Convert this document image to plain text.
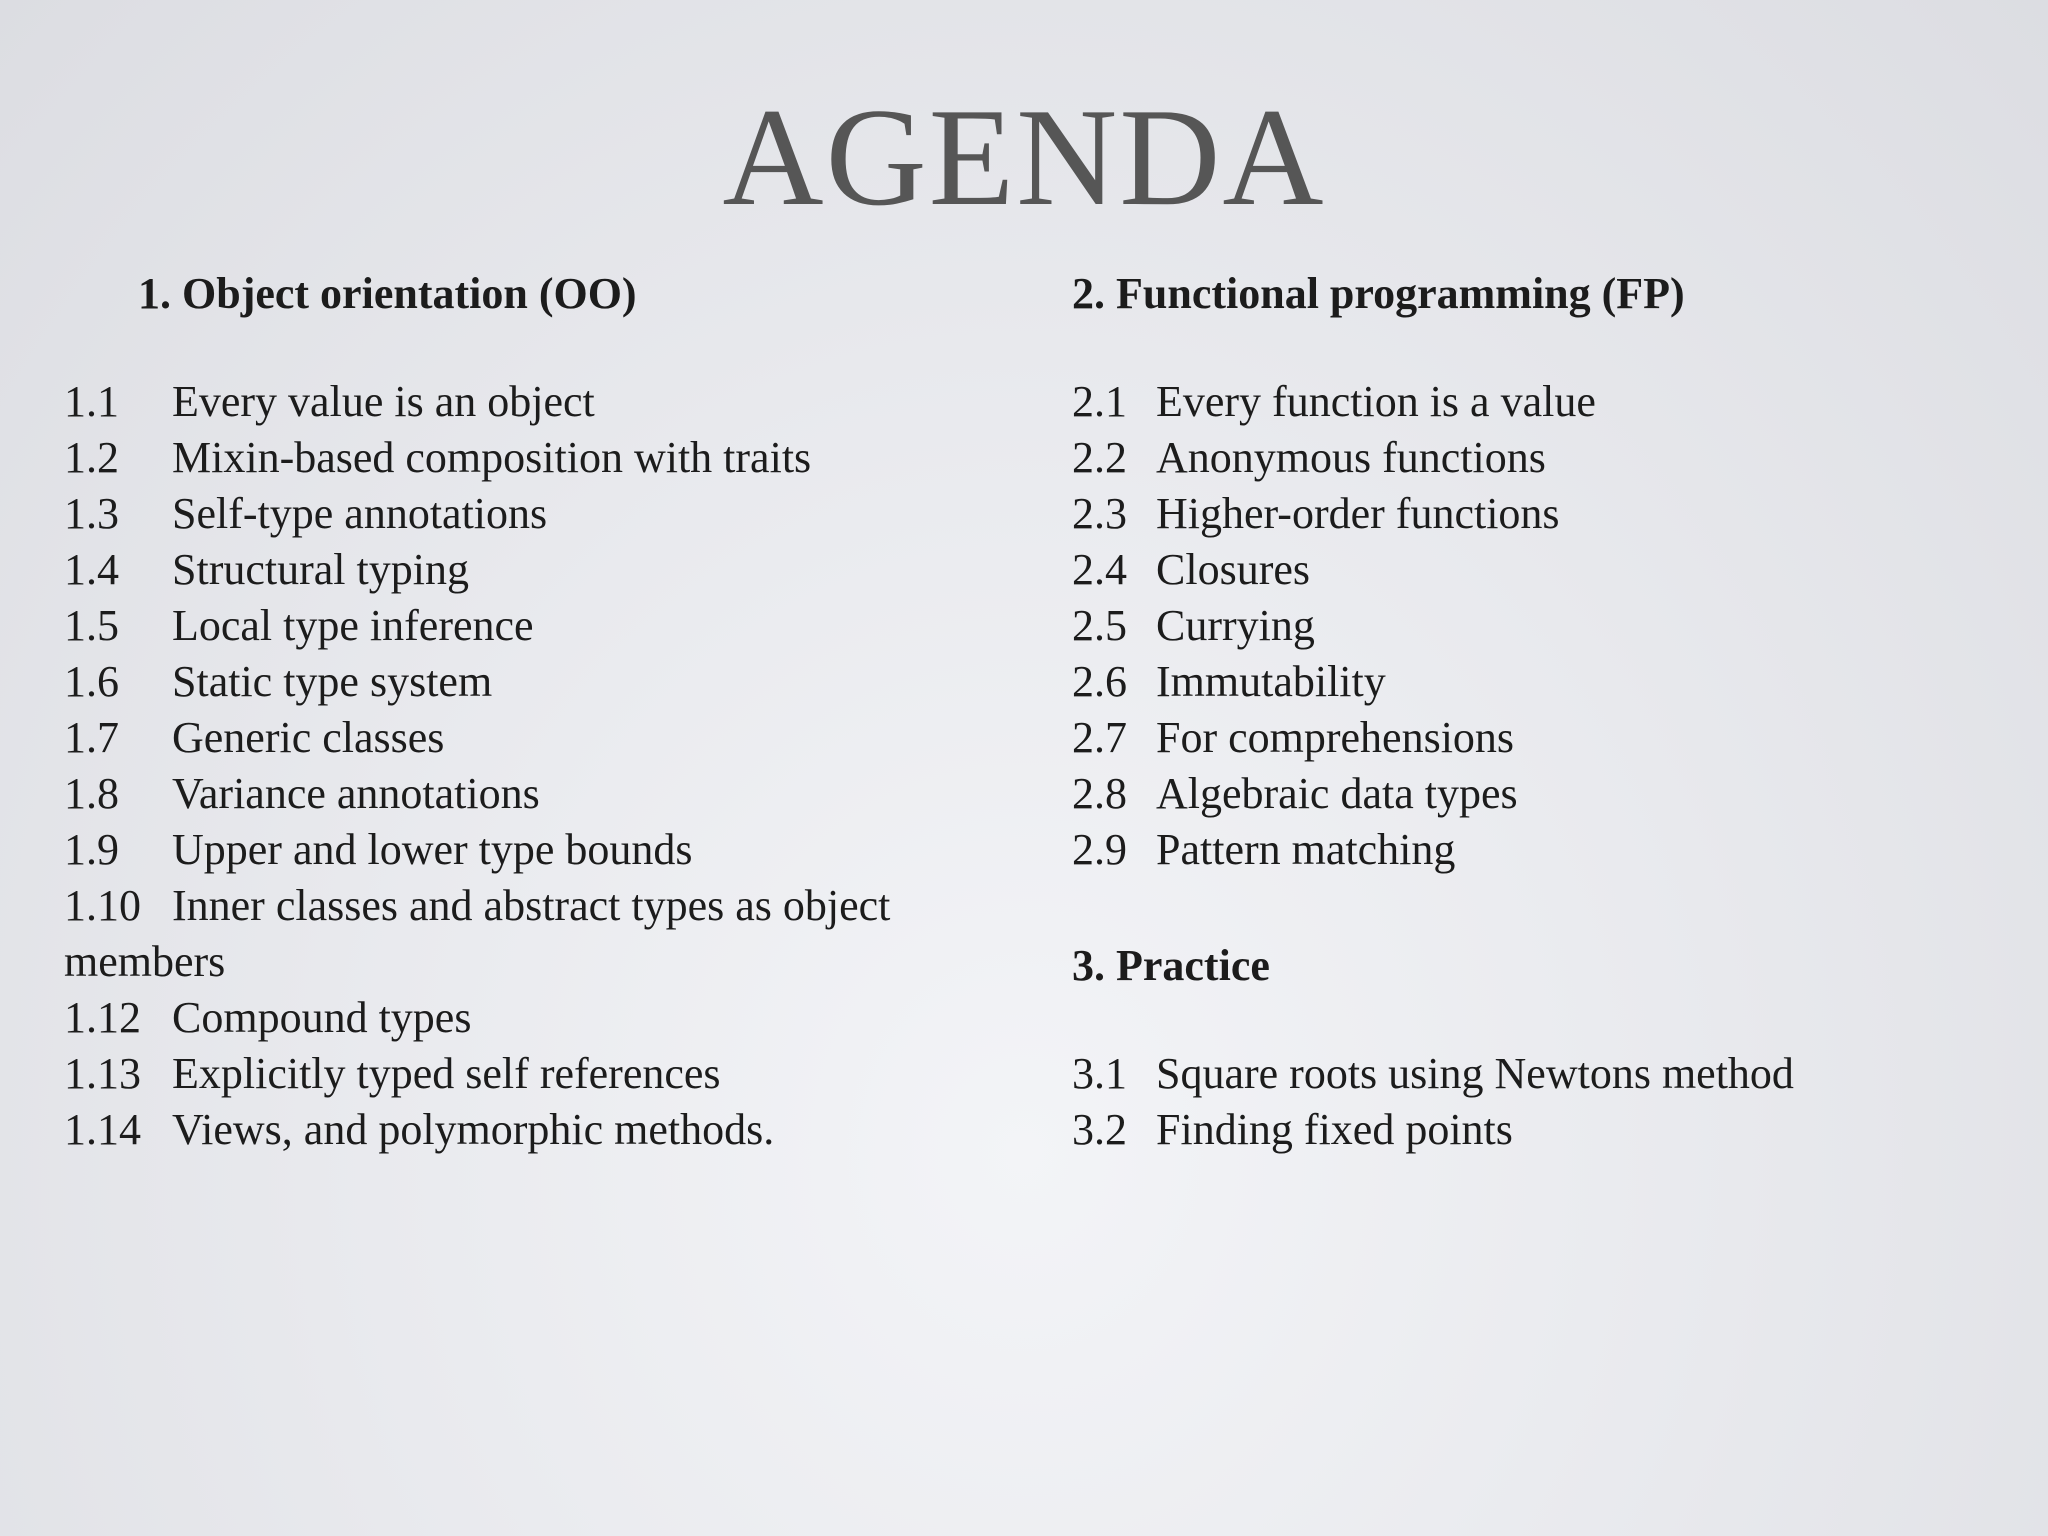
AGENDA
1. Object orientation (OO)
1.1	Every value is an object
1.2	Mixin-based composition with traits
1.3	Self-type annotations
1.4	Structural typing
1.5	Local type inference
1.6	Static type system
1.7	Generic classes
1.8	Variance annotations
1.9	Upper and lower type bounds
1.10 Inner classes and abstract types as object
members
1.12 Compound types
1.13 Explicitly typed self references
1.14 Views, and polymorphic methods.
2. Functional programming (FP)
2.1 Every function is a value
2.2 Anonymous functions
2.3 Higher-order functions
2.4 Closures
2.5 Currying
2.6 Immutability
2.7 For comprehensions
2.8 Algebraic data types
2.9 Pattern matching
3. Practice
3.1 Square roots using Newtons method
3.2 Finding fixed points
